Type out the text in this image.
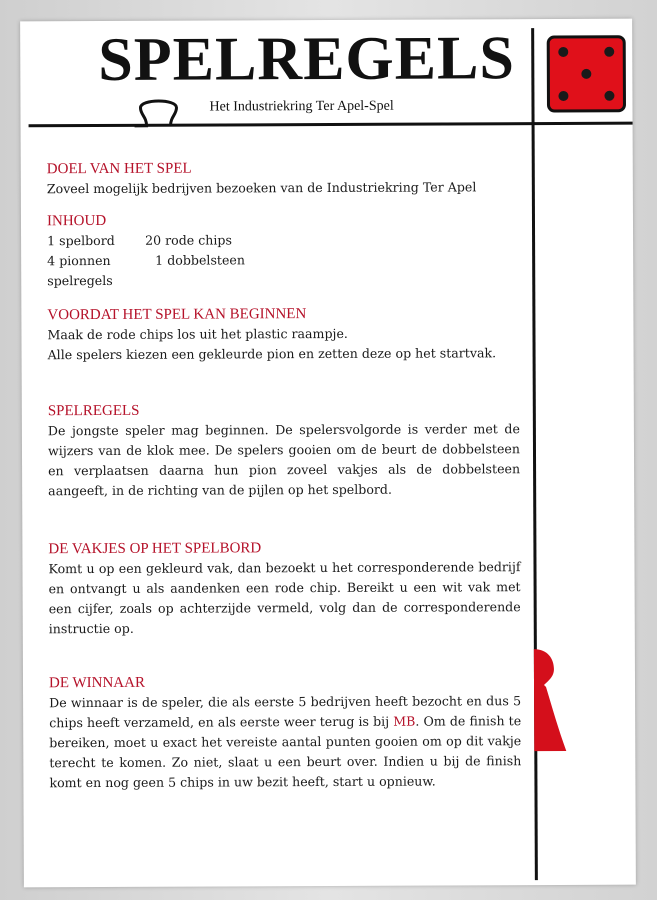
SPELREGELS
Het Industriekring Ter Apel-Spel

DOEL VAN HET SPEL

Zoveel mogelijk bedrijven bezoeken van de Industriekring Ter Apel

INHOUD

1 spelbord	20 rode chips
4 pionnen	1 dobbelsteen
spelregels

VOORDAT HET SPEL KAN BEGINNEN

Maak de rode chips los uit het plastic raampje.

Alle spelers kiezen een gekleurde pion en zetten deze op het startvak.

SPELREGELS

De jongste speler mag beginnen. De spelersvolgorde is verder met de wijzers van de klok mee. De spelers gooien om de beurt de dobbelsteen en verplaatsen daarna hun pion zoveel vakjes als de dobbelsteen aangeeft, in de richting van de pijlen op het spelbord.

DE VAKJES OP HET SPELBORD

Komt u op een gekleurd vak, dan bezoekt u het corresponderende bedrijf en ontvangt u als aandenken een rode chip. Bereikt u een wit vak met een cijfer, zoals op achterzijde vermeld, volg dan de corresponderende instructie op.

DE WINNAAR

De winnaar is de speler, die als eerste 5 bedrijven heeft bezocht en dus 5 chips heeft verzameld, en als eerste weer terug is bij MB. Om de finish te bereiken, moet u exact het vereiste aantal punten gooien om op dit vakje terecht te komen. Zo niet, slaat u een beurt over. Indien u bij de finish komt en nog geen 5 chips in uw bezit heeft, start u opnieuw.
